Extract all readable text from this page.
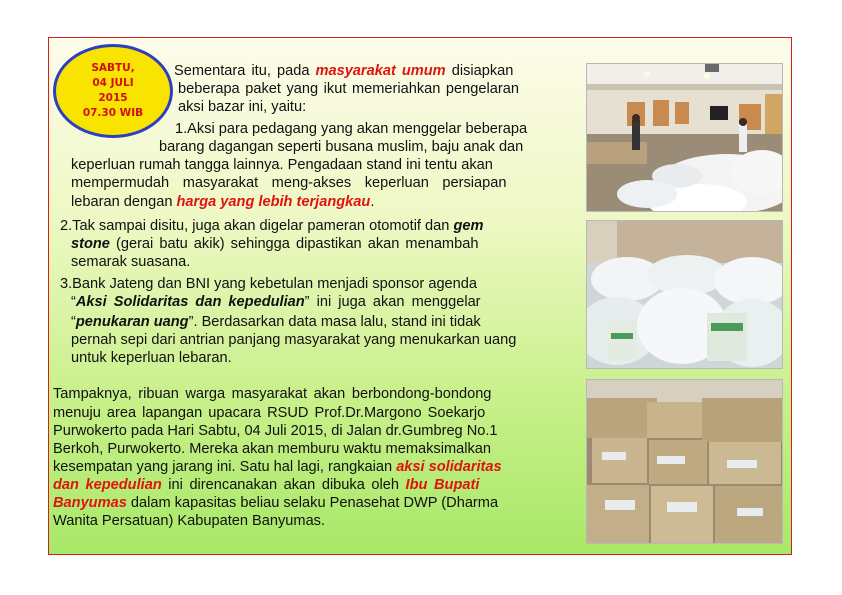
SABTU,
04 JULI
2015
07.30 WIB
Sementara itu, pada masyarakat umum disiapkan
beberapa paket yang ikut memeriahkan pengelaran
aksi bazar ini, yaitu:
1.Aksi para pedagang yang akan menggelar beberapa
barang dagangan seperti busana muslim, baju anak dan
keperluan rumah tangga lainnya. Pengadaan stand ini tentu akan
mempermudah masyarakat meng-akses keperluan persiapan
lebaran dengan harga yang lebih terjangkau.
2.Tak sampai disitu, juga akan digelar pameran otomotif dan gem
stone (gerai batu akik) sehingga dipastikan akan menambah
semarak suasana.
3.Bank Jateng dan BNI yang kebetulan menjadi sponsor agenda
“Aksi Solidaritas dan kepedulian” ini juga akan menggelar
“penukaran uang”. Berdasarkan data masa lalu, stand ini tidak
pernah sepi dari antrian panjang masyarakat yang menukarkan uang
untuk keperluan lebaran.
Tampaknya, ribuan warga masyarakat akan berbondong-bondong
menuju area lapangan upacara RSUD Prof.Dr.Margono Soekarjo
Purwokerto pada Hari Sabtu, 04 Juli 2015, di Jalan dr.Gumbreg No.1
Berkoh, Purwokerto. Mereka akan memburu waktu memaksimalkan
kesempatan yang jarang ini. Satu hal lagi, rangkaian aksi solidaritas
dan kepedulian ini direncanakan akan dibuka oleh Ibu Bupati
Banyumas dalam kapasitas beliau selaku Penasehat DWP (Dharma
Wanita Persatuan) Kabupaten Banyumas.
